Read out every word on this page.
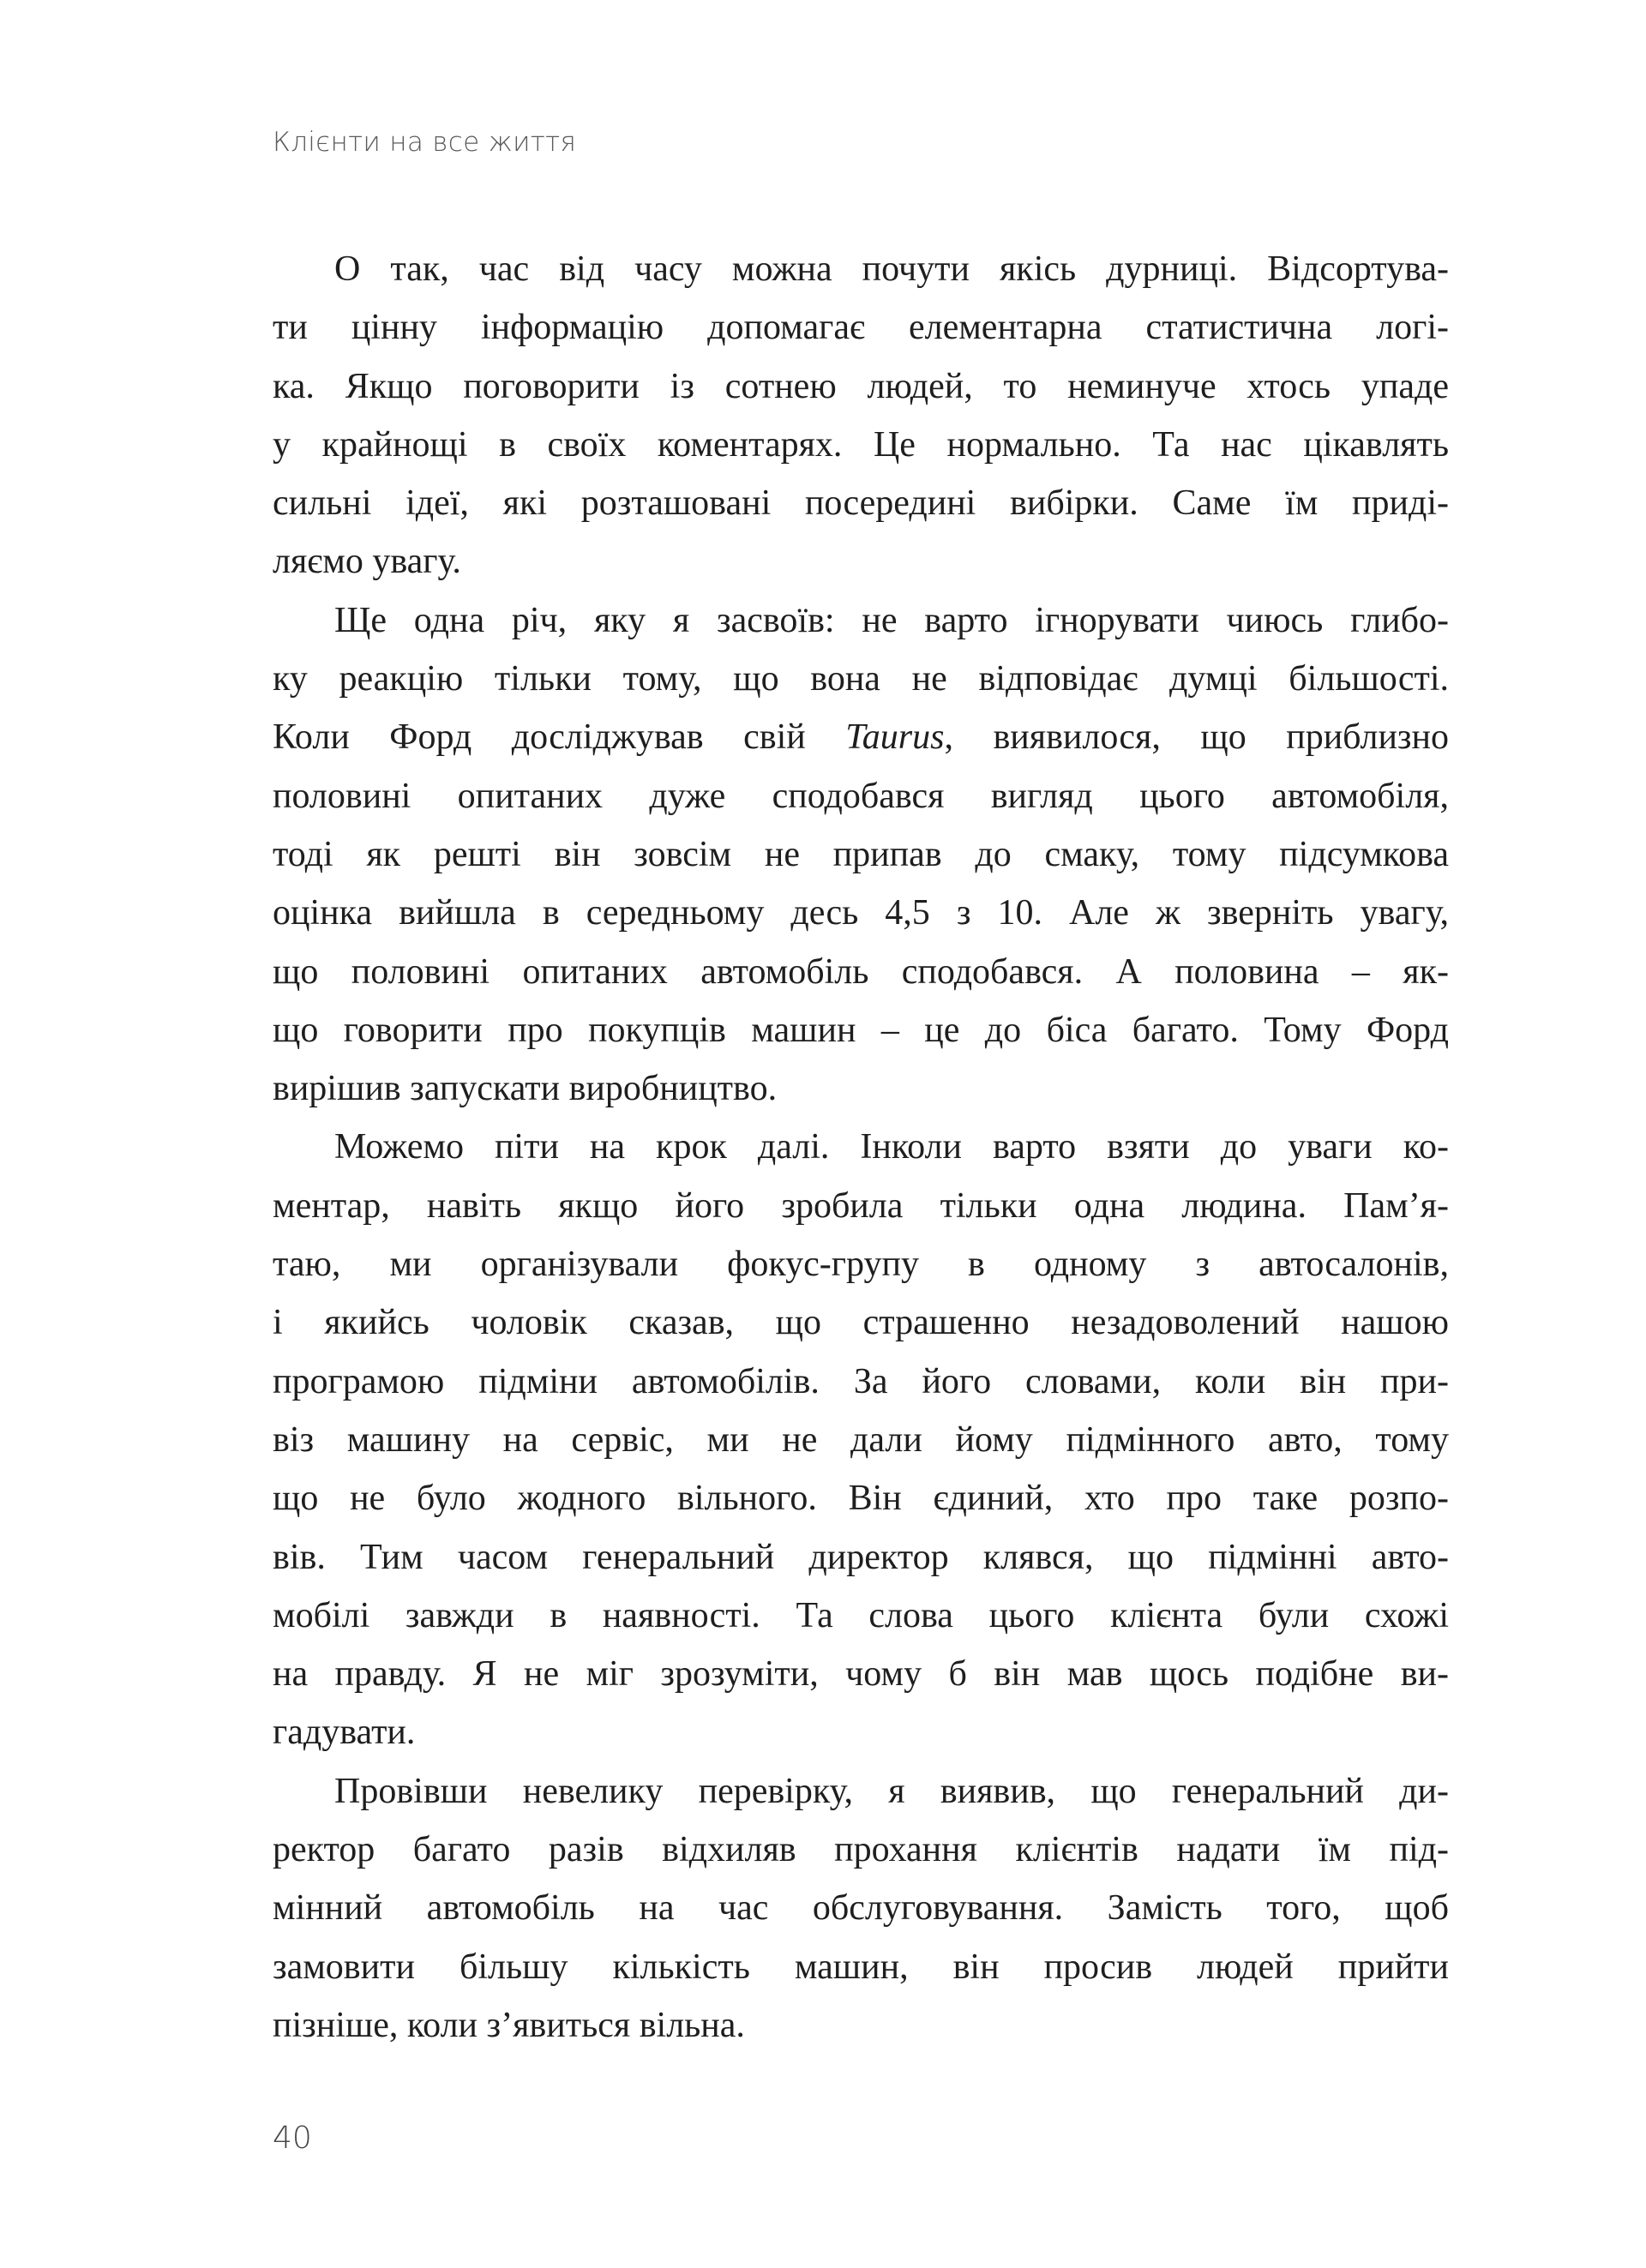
Клієнти на все життя
О так, час від часу можна почути якісь дурниці. Відсортува-
ти цінну інформацію допомагає елементарна статистична логі-
ка. Якщо поговорити із сотнею людей, то неминуче хтось упаде
у крайнощі в своїх коментарях. Це нормально. Та нас цікавлять
сильні ідеї, які розташовані посередині вибірки. Саме їм приді-
ляємо увагу.
Ще одна річ, яку я засвоїв: не варто ігнорувати чиюсь глибо-
ку реакцію тільки тому, що вона не відповідає думці більшості.
Коли Форд досліджував свій Taurus, виявилося, що приблизно
половині опитаних дуже сподобався вигляд цього автомобіля,
тоді як решті він зовсім не припав до смаку, тому підсумкова
оцінка вийшла в середньому десь 4,5 з 10. Але ж зверніть увагу,
що половині опитаних автомобіль сподобався. А половина – як-
що говорити про покупців машин – це до біса багато. Тому Форд
вирішив запускати виробництво.
Можемо піти на крок далі. Інколи варто взяти до уваги ко-
ментар, навіть якщо його зробила тільки одна людина. Пам’я-
таю, ми організували фокус-групу в одному з автосалонів,
і якийсь чоловік сказав, що страшенно незадоволений нашою
програмою підміни автомобілів. За його словами, коли він при-
віз машину на сервіс, ми не дали йому підмінного авто, тому
що не було жодного вільного. Він єдиний, хто про таке розпо-
вів. Тим часом генеральний директор клявся, що підмінні авто-
мобілі завжди в наявності. Та слова цього клієнта були схожі
на правду. Я не міг зрозуміти, чому б він мав щось подібне ви-
гадувати.
Провівши невелику перевірку, я виявив, що генеральний ди-
ректор багато разів відхиляв прохання клієнтів надати їм під-
мінний автомобіль на час обслуговування. Замість того, щоб
замовити більшу кількість машин, він просив людей прийти
пізніше, коли з’явиться вільна.
40
